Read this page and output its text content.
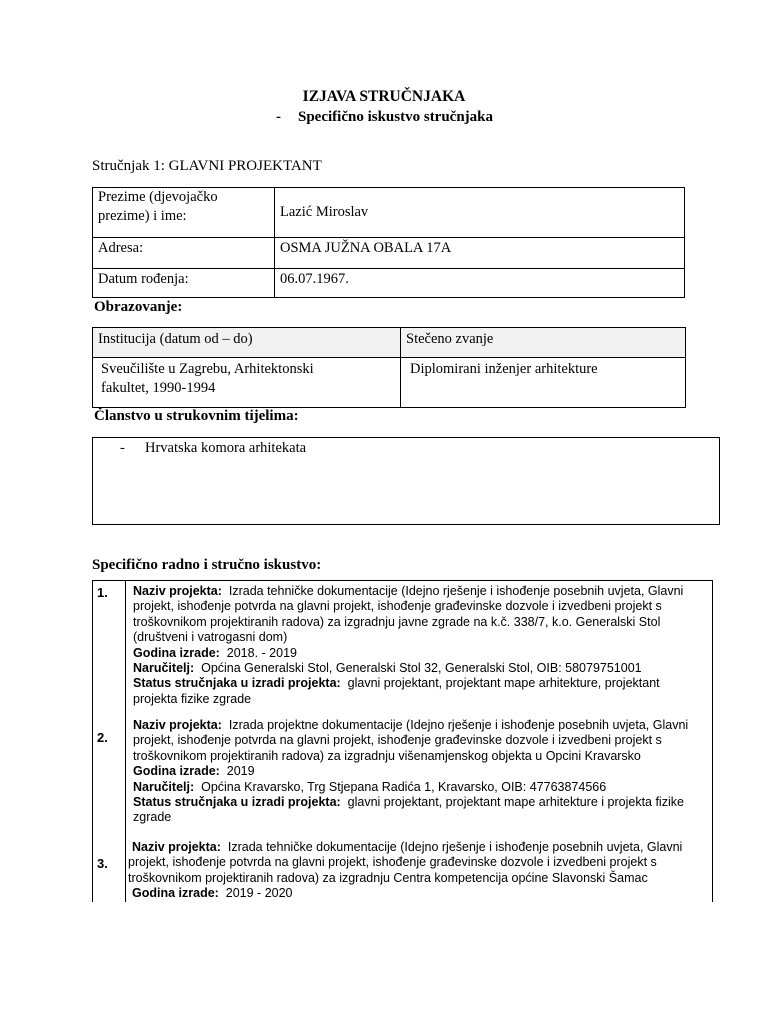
IZJAVA STRUČNJAKA
- Specifično iskustvo stručnjaka
Stručnjak 1: GLAVNI PROJEKTANT
Prezime (djevojačko
prezime) i ime:	Lazić Miroslav
Adresa:	OSMA JUŽNA OBALA 17A
Datum rođenja:	06.07.1967.
Obrazovanje:
Institucija (datum od – do)	Stečeno zvanje

Sveučilište u Zagrebu, Arhitektonski
fakultet, 1990-1994	Diplomirani inženjer arhitekture
Članstvo u strukovnim tijelima:
- Hrvatska komora arhitekata
Specifično radno i stručno iskustvo:
1. Naziv projekta: Izrada tehničke dokumentacije (Idejno rješenje i ishođenje posebnih uvjeta, Glavni
projekt, ishođenje potvrda na glavni projekt, ishođenje građevinske dozvole i izvedbeni projekt s
troškovnikom projektiranih radova) za izgradnju javne zgrade na k.č. 338/7, k.o. Generalski Stol
(društveni i vatrogasni dom)
Godina izrade: 2018. - 2019
Naručitelj: Općina Generalski Stol, Generalski Stol 32, Generalski Stol, OIB: 58079751001
Status stručnjaka u izradi projekta: glavni projektant, projektant mape arhitekture, projektant
projekta fizike zgrade
2.
Naziv projekta: Izrada projektne dokumentacije (Idejno rješenje i ishođenje posebnih uvjeta, Glavni
projekt, ishođenje potvrda na glavni projekt, ishođenje građevinske dozvole i izvedbeni projekt s
troškovnikom projektiranih radova) za izgradnju višenamjenskog objekta u Opcini Kravarsko
Godina izrade: 2019
Naručitelj: Općina Kravarsko, Trg Stjepana Radića 1, Kravarsko, OIB: 47763874566
Status stručnjaka u izradi projekta: glavni projektant, projektant mape arhitekture i projekta fizike
zgrade
3.
Naziv projekta: Izrada tehničke dokumentacije (Idejno rješenje i ishođenje posebnih uvjeta, Glavni
projekt, ishođenje potvrda na glavni projekt, ishođenje građevinske dozvole i izvedbeni projekt s
troškovnikom projektiranih radova) za izgradnju Centra kompetencija općine Slavonski Šamac
Godina izrade: 2019 - 2020
